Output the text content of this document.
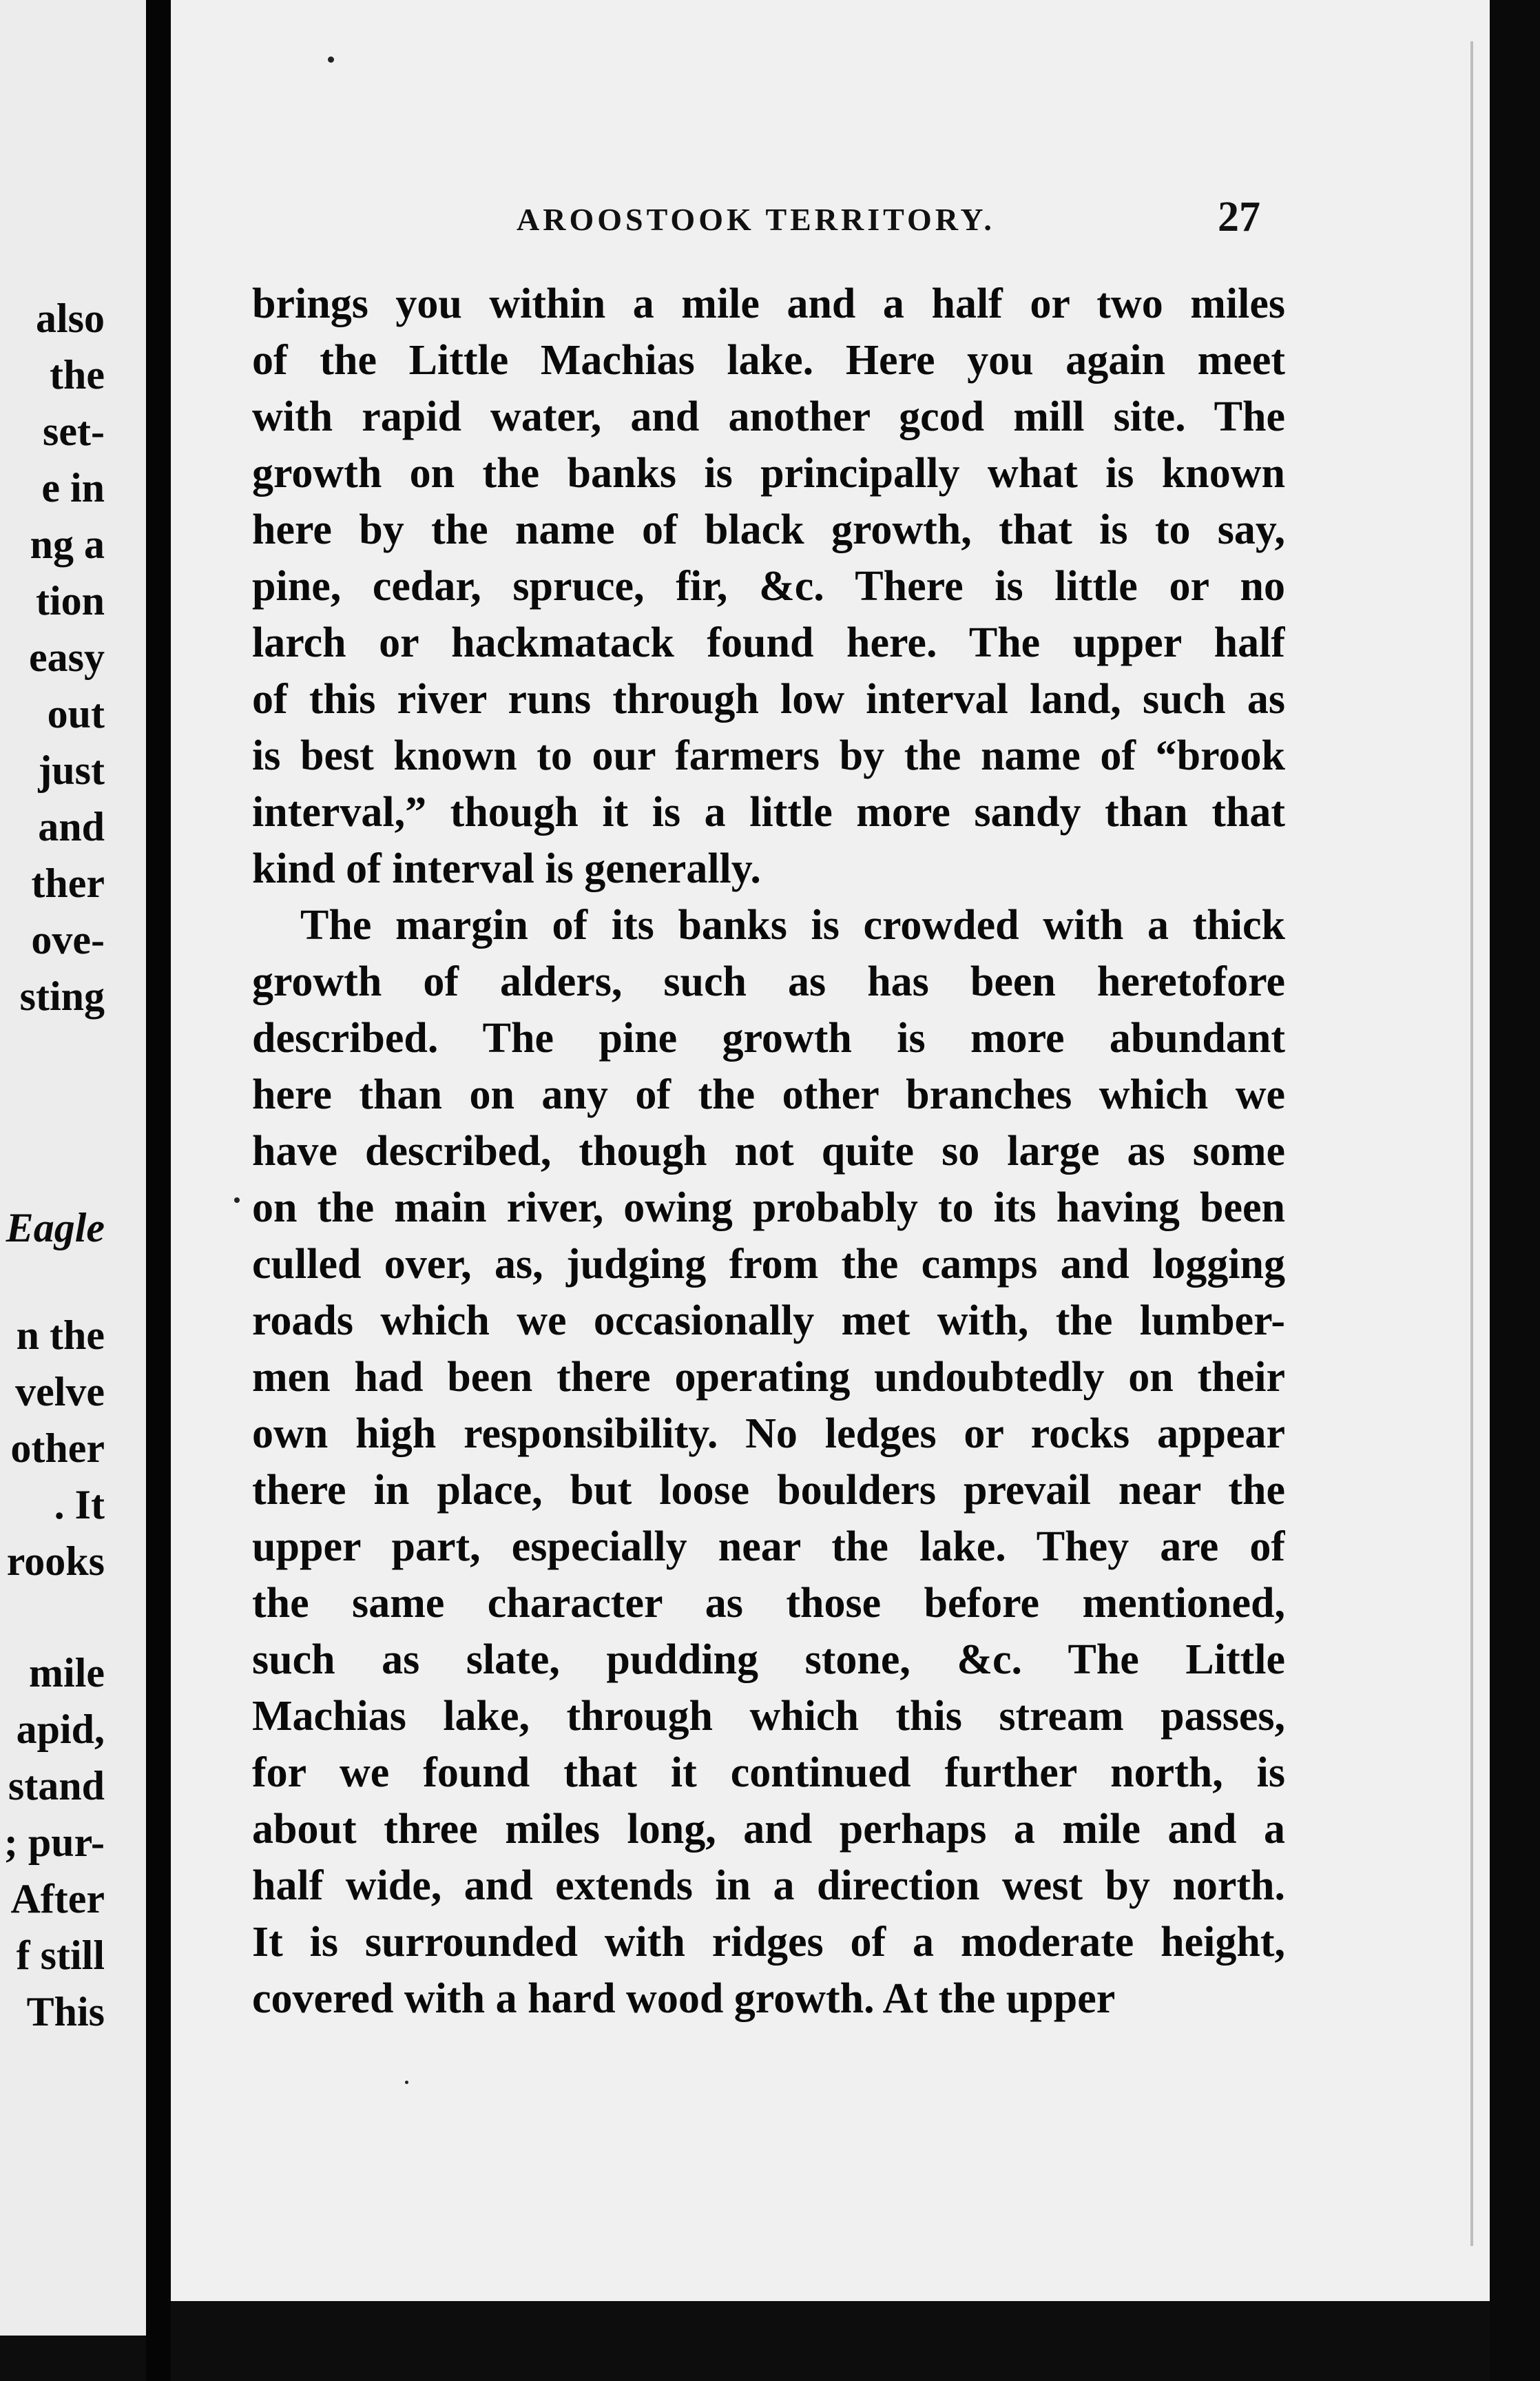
also
the
set-
e in
ng a
tion
easy
out
just
and
ther
ove-
sting
Eagle
n the
velve
other
. It
rooks
mile
apid,
stand
; pur-
After
f still
This
AROOSTOOK TERRITORY.	27
brings you within a mile and a half or two miles
of the Little Machias lake. Here you again meet
with rapid water, and another gcod mill site. The
growth on the banks is principally what is known
here by the name of black growth, that is to say,
pine, cedar, spruce, fir, &c. There is little or no
larch or hackmatack found here. The upper half
of this river runs through low interval land, such as
is best known to our farmers by the name of “brook
interval,” though it is a little more sandy than that
kind of interval is generally.
The margin of its banks is crowded with a thick
growth of alders, such as has been heretofore
described. The pine growth is more abundant
here than on any of the other branches which we
have described, though not quite so large as some
on the main river, owing probably to its having been
culled over, as, judging from the camps and logging
roads which we occasionally met with, the lumber-
men had been there operating undoubtedly on their
own high responsibility. No ledges or rocks appear
there in place, but loose boulders prevail near the
upper part, especially near the lake. They are of
the same character as those before mentioned,
such as slate, pudding stone, &c. The Little
Machias lake, through which this stream passes,
for we found that it continued further north, is
about three miles long, and perhaps a mile and a
half wide, and extends in a direction west by north.
It is surrounded with ridges of a moderate height,
covered with a hard wood growth. At the upper
